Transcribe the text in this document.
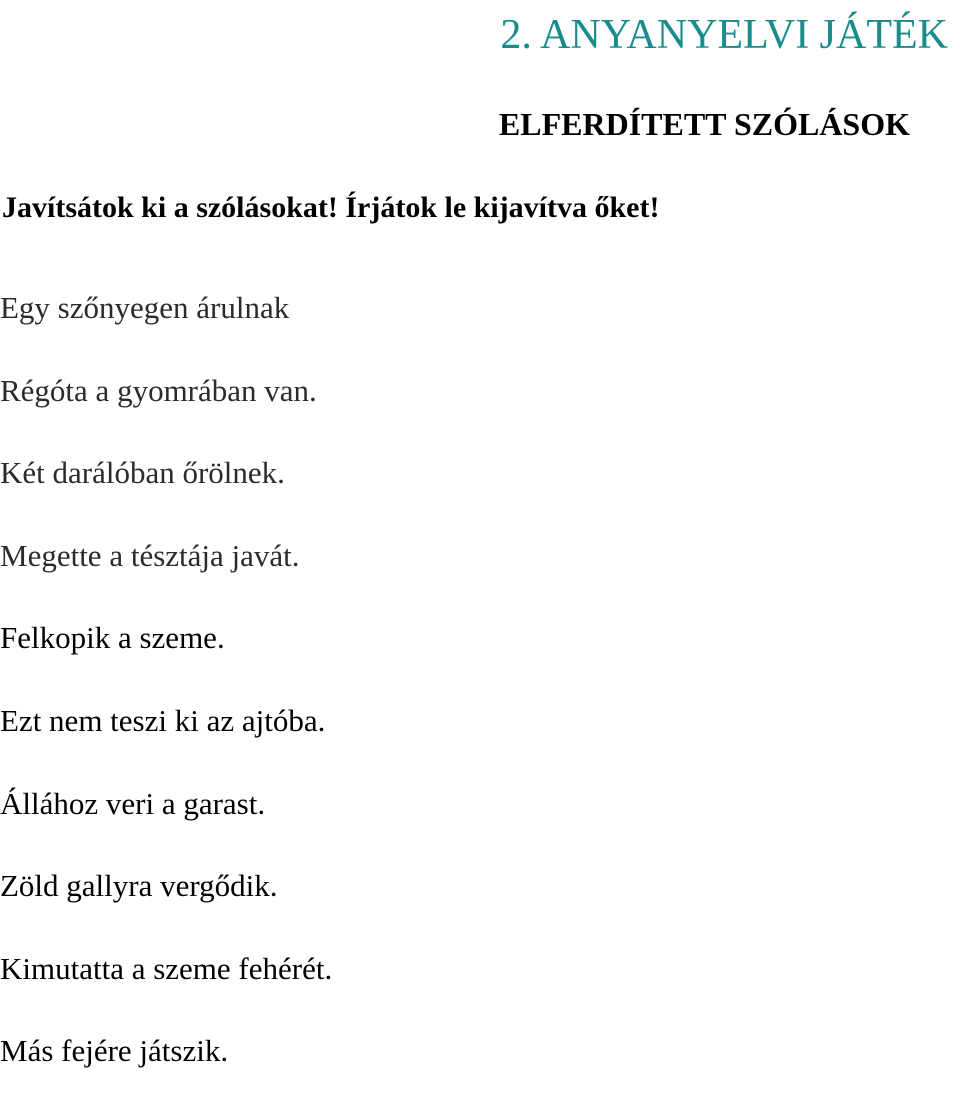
2. ANYANYELVI JÁTÉK
ELFERDÍTETT SZÓLÁSOK

Javítsátok ki a szólásokat! Írjátok le kijavítva őket!

Egy szőnyegen árulnak
Régóta a gyomrában van.
Két darálóban őrölnek.
Megette a tésztája javát.
Felkopik a szeme.
Ezt nem teszi ki az ajtóba.
Állához veri a garast.
Zöld gallyra vergődik.
Kimutatta a szeme fehérét.
Más fejére játszik.
